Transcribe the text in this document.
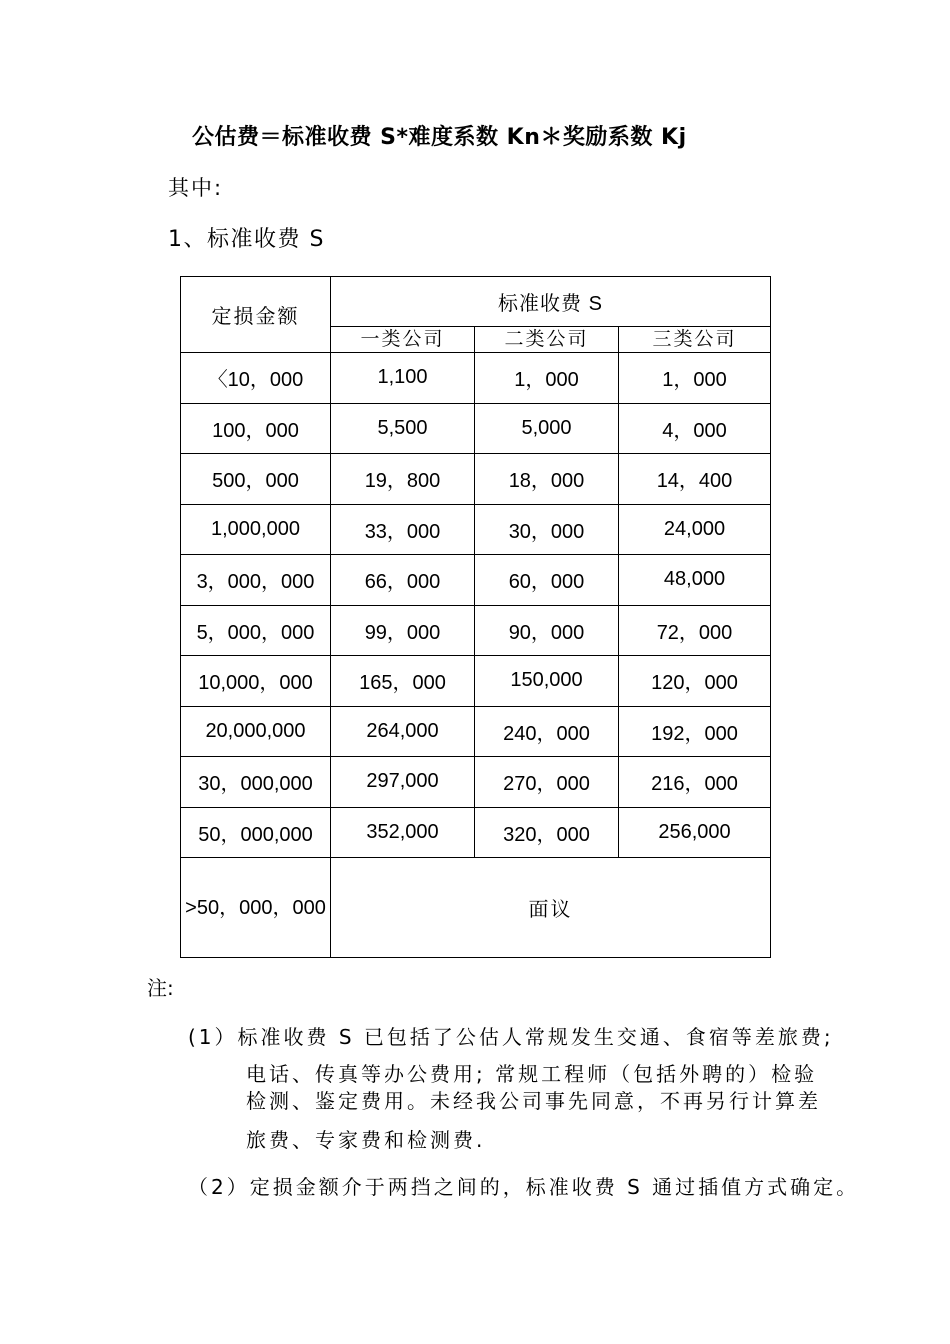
公估费＝标准收费 S*难度系数 Kn＊奖励系数 Kj
其中:
1、标准收费 S
定损金额	标准收费 S		
	一类公司	二类公司	三类公司
〈10，000	1,100	1，000	1，000
100，000	5,500	5,000	4，000
500，000	19，800	18，000	14，400
1,000,000	33，000	30，000	24,000
3，000，000	66，000	60，000	48,000
5，000，000	99，000	90，000	72，000
10,000，000	165，000	150,000	120，000
20,000,000	264,000	240，000	192，000
30，000,000	297,000	270，000	216，000
50，000,000	352,000	320，000	256,000
>50，000，000	面议		
注:
(1）标准收费 S 已包括了公估人常规发生交通、食宿等差旅费;
电话、传真等办公费用; 常规工程师（包括外聘的）检验
检测、鉴定费用。未经我公司事先同意，不再另行计算差
旅费、专家费和检测费.
（2）定损金额介于两挡之间的，标准收费 S 通过插值方式确定。
